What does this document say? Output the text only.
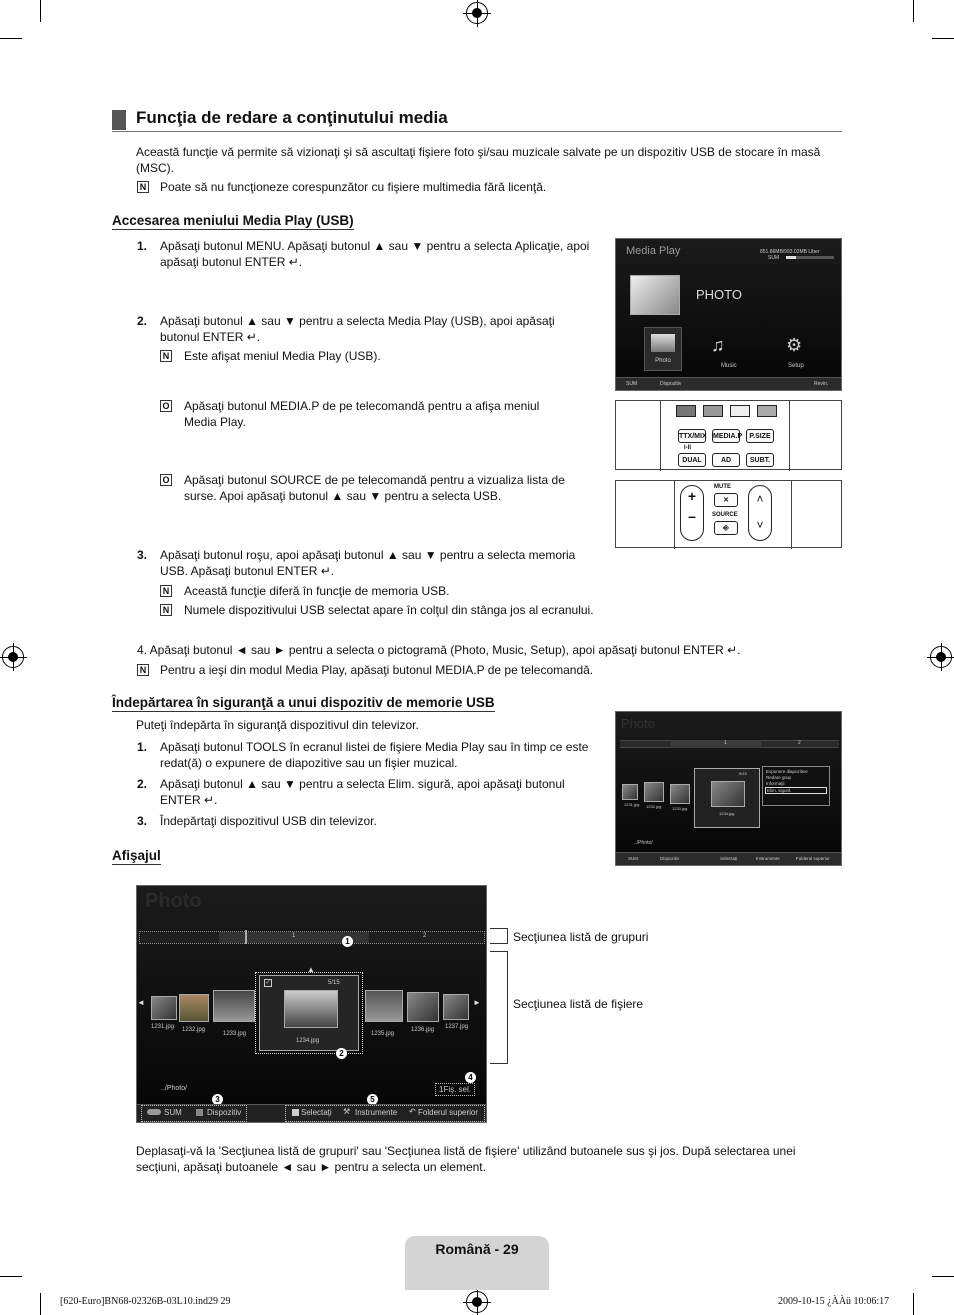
Funcţia de redare a conţinutului media
Această funcţie vă permite să vizionaţi şi să ascultaţi fişiere foto şi/sau muzicale salvate pe un dispozitiv USB de stocare în masă (MSC).
N Poate să nu funcţioneze corespunzător cu fişiere multimedia fără licenţă.
Accesarea meniului Media Play (USB)
1. Apăsaţi butonul MENU. Apăsaţi butonul ▲ sau ▼ pentru a selecta Aplicaţie, apoi apăsaţi butonul ENTER ↵.
2. Apăsaţi butonul ▲ sau ▼ pentru a selecta Media Play (USB), apoi apăsaţi butonul ENTER ↵.
N Este afişat meniul Media Play (USB).
O Apăsaţi butonul MEDIA.P de pe telecomandă pentru a afişa meniul Media Play.
O Apăsaţi butonul SOURCE de pe telecomandă pentru a vizualiza lista de surse. Apoi apăsaţi butonul ▲ sau ▼ pentru a selecta USB.
3. Apăsaţi butonul roşu, apoi apăsaţi butonul ▲ sau ▼ pentru a selecta memoria USB. Apăsaţi butonul ENTER ↵.
N Această funcţie diferă în funcţie de memoria USB.
N Numele dispozitivului USB selectat apare în colţul din stânga jos al ecranului.
4. Apăsaţi butonul ◄ sau ► pentru a selecta o pictogramă (Photo, Music, Setup), apoi apăsaţi butonul ENTER ↵.
N Pentru a ieşi din modul Media Play, apăsaţi butonul MEDIA.P de pe telecomandă.
Media Play	851.86MB/993.02MB Liber
SUM
PHOTO
Photo
♫
Music
⚙
Setup
SUM	Dispozitiv	Revin.
TTX/MIX MEDIA.P	P.SIZE
I-II
DUAL	AD	SUBT.
+
–
MUTE
✕
SOURCE
⎆
˄
˅
Îndepărtarea în siguranţă a unui dispozitiv de memorie USB
Puteţi îndepărta în siguranţă dispozitivul din televizor.
1. Apăsaţi butonul TOOLS în ecranul listei de fişiere Media Play sau în timp ce este redat(ă) o expunere de diapozitive sau un fişier muzical.
2. Apăsaţi butonul ▲ sau ▼ pentru a selecta Elim. sigură, apoi apăsaţi butonul ENTER ↵.
3. Îndepărtaţi dispozitivul USB din televizor.
Photo
1	2
1231.jpg 1232.jpg	1233.jpg
5/15
1234.jpg
Expunere diapozitive
Redare grup
Informaţii
Elim. sigură
../Photo/
SUM	Dispozitiv	Selectaţi	Instrumente	Folderul superior
Afişajul
Photo
1	2
1
▲
◄
1231.jpg 1232.jpg
1233.jpg
✓	5/15
1234.jpg
2
►
1235.jpg
1236.jpg 1237.jpg
../Photo/
4
1Fiş. sel.
3	5
SUM	Dispozitiv	Selectaţi ⚒ Instrumente ↶ Folderul superior
Secţiunea listă de grupuri
Secţiunea listă de fişiere
Deplasaţi-vă la 'Secţiunea listă de grupuri' sau 'Secţiunea listă de fişiere' utilizând butoanele sus şi jos. După selectarea unei secţiuni, apăsaţi butoanele ◄ sau ► pentru a selecta un element.
Română - 29
[620-Euro]BN68-02326B-03L10.ind29 29	2009-10-15 ¿ÀÀü 10:06:17
